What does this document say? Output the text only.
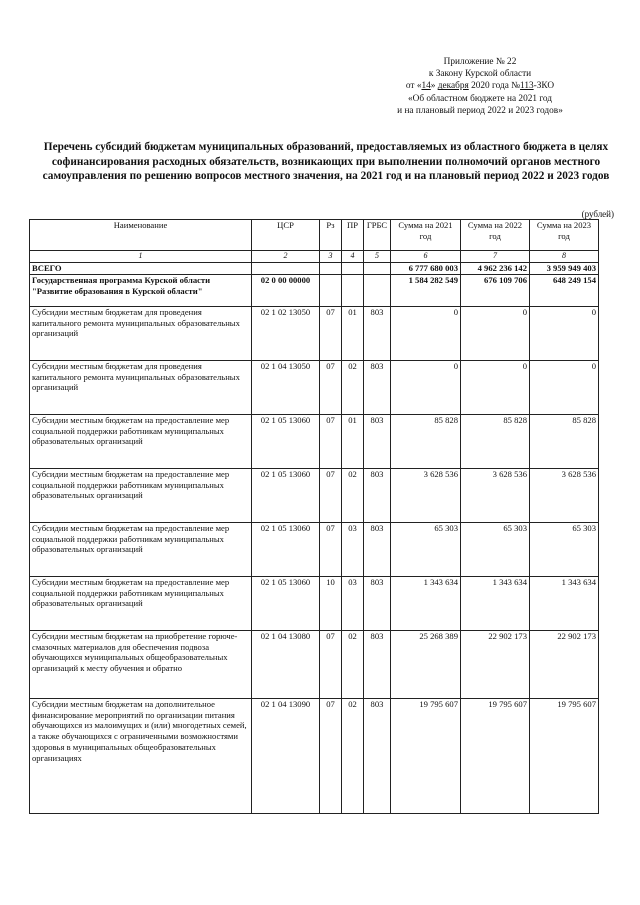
Приложение № 22
к Закону Курской области
от «14» декабря 2020 года №113-ЗКО
«Об областном бюджете на 2021 год
и на плановый период 2022 и 2023 годов»
Перечень субсидий бюджетам муниципальных образований, предоставляемых из областного бюджета в целях софинансирования расходных обязательств, возникающих при выполнении полномочий органов местного самоуправления по решению вопросов местного значения, на 2021 год и на плановый период 2022 и 2023 годов
(рублей)
Наименование	ЦСР	Рз	ПР	ГРБС	Сумма на 2021 год	Сумма на 2022 год	Сумма на 2023 год
1	2	3	4	5	6	7	8
ВСЕГО					6 777 680 003	4 962 236 142	3 959 949 403
Государственная программа Курской области "Развитие образования в Курской области"	02 0 00 00000				1 584 282 549	676 109 706	648 249 154
Субсидии местным бюджетам для проведения капитального ремонта муниципальных образовательных организаций	02 1 02 13050	07	01	803	0	0	0
Субсидии местным бюджетам для проведения капитального ремонта муниципальных образовательных организаций	02 1 04 13050	07	02	803	0	0	0
Субсидии местным бюджетам на предоставление мер социальной поддержки работникам муниципальных образовательных организаций	02 1 05 13060	07	01	803	85 828	85 828	85 828
Субсидии местным бюджетам на предоставление мер социальной поддержки работникам муниципальных образовательных организаций	02 1 05 13060	07	02	803	3 628 536	3 628 536	3 628 536
Субсидии местным бюджетам на предоставление мер социальной поддержки работникам муниципальных образовательных организаций	02 1 05 13060	07	03	803	65 303	65 303	65 303
Субсидии местным бюджетам на предоставление мер социальной поддержки работникам муниципальных образовательных организаций	02 1 05 13060	10	03	803	1 343 634	1 343 634	1 343 634
Субсидии местным бюджетам на приобретение горюче-смазочных материалов для обеспечения подвоза обучающихся муниципальных общеобразовательных организаций к месту обучения и обратно	02 1 04 13080	07	02	803	25 268 389	22 902 173	22 902 173
Субсидии местным бюджетам на дополнительное финансирование мероприятий по организации питания обучающихся из малоимущих и (или) многодетных семей, а также обучающихся с ограниченными возможностями здоровья в муниципальных общеобразовательных организациях	02 1 04 13090	07	02	803	19 795 607	19 795 607	19 795 607
